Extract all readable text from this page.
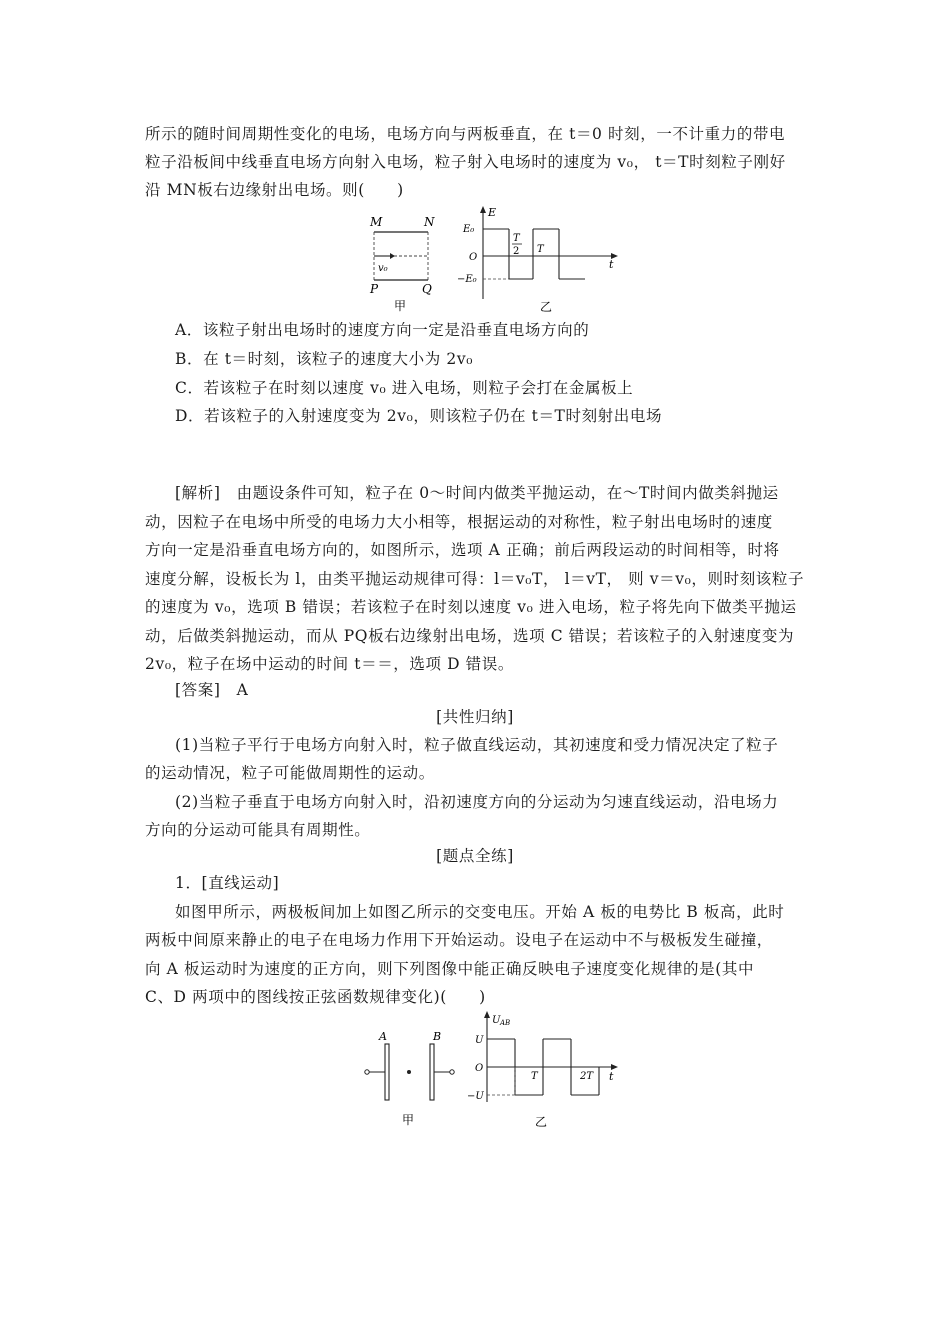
所示的随时间周期性变化的电场，电场方向与两板垂直，在 t＝0 时刻，一不计重力的带电
粒子沿板间中线垂直电场方向射入电场，粒子射入电场时的速度为 v₀， t＝T时刻粒子刚好
沿 MN板右边缘射出电场。则(　　)
M	N
v₀
P	Q
甲
E
t
E₀
O
−E₀
T
2 T
乙
A．该粒子射出电场时的速度方向一定是沿垂直电场方向的
B．在 t＝时刻，该粒子的速度大小为 2v₀
C．若该粒子在时刻以速度 v₀ 进入电场，则粒子会打在金属板上
D．若该粒子的入射速度变为 2v₀，则该粒子仍在 t＝T时刻射出电场
[解析]　由题设条件可知，粒子在 0～时间内做类平抛运动，在～T时间内做类斜抛运
动，因粒子在电场中所受的电场力大小相等，根据运动的对称性，粒子射出电场时的速度
方向一定是沿垂直电场方向的，如图所示，选项 A 正确；前后两段运动的时间相等，时将
速度分解，设板长为 l，由类平抛运动规律可得：l＝v₀T， l＝vT， 则 v＝v₀，则时刻该粒子
的速度为 v₀，选项 B 错误；若该粒子在时刻以速度 v₀ 进入电场，粒子将先向下做类平抛运
动，后做类斜抛运动，而从 PQ板右边缘射出电场，选项 C 错误；若该粒子的入射速度变为
2v₀，粒子在场中运动的时间 t＝＝，选项 D 错误。
[答案]　A
[共性归纳]
(1)当粒子平行于电场方向射入时，粒子做直线运动，其初速度和受力情况决定了粒子
的运动情况，粒子可能做周期性的运动。
(2)当粒子垂直于电场方向射入时，沿初速度方向的分运动为匀速直线运动，沿电场力
方向的分运动可能具有周期性。
[题点全练]
1．[直线运动]
如图甲所示，两极板间加上如图乙所示的交变电压。开始 A 板的电势比 B 板高，此时
两板中间原来静止的电子在电场力作用下开始运动。设电子在运动中不与极板发生碰撞，
向 A 板运动时为速度的正方向，则下列图像中能正确反映电子速度变化规律的是(其中
C、D 两项中的图线按正弦函数规律变化)(　　)
A	B
甲
U AB
t
U
O
−U
T	2T
乙
